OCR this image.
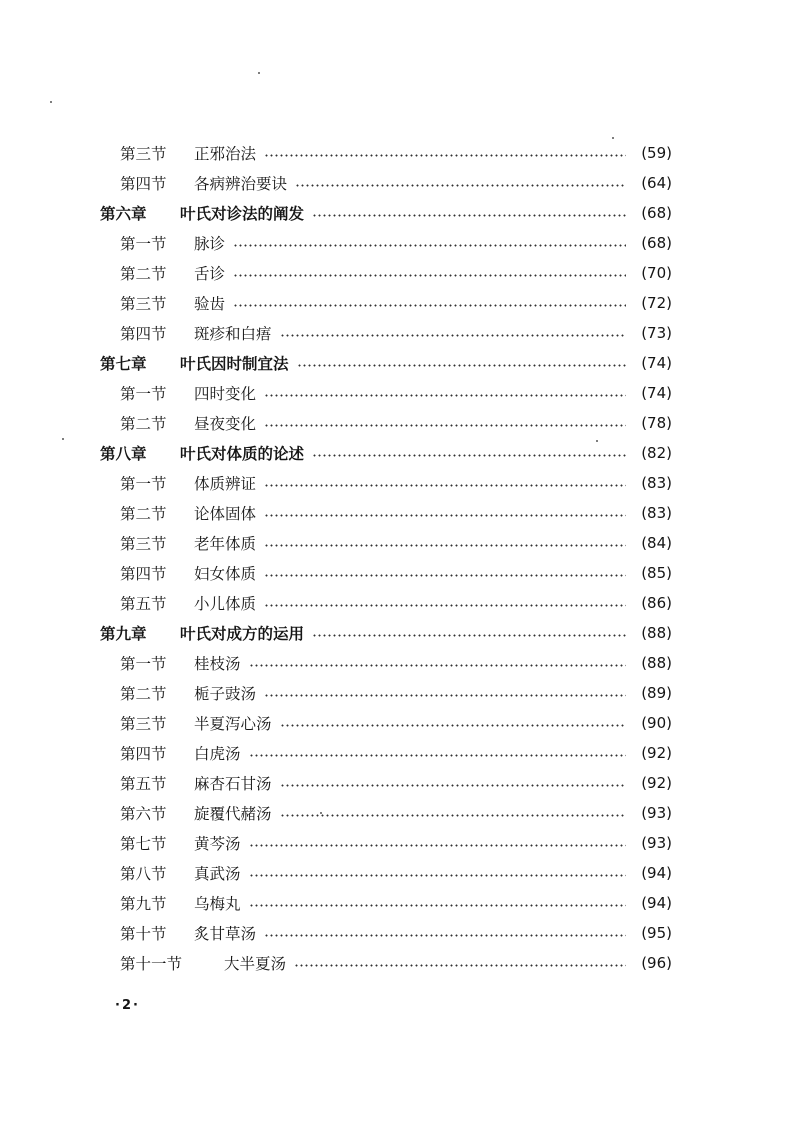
第三节	正邪治法	(59)
第四节	各病辨治要诀	(64)
第六章	叶氏对诊法的阐发	(68)
第一节	脉诊	(68)
第二节	舌诊	(70)
第三节	验齿	(72)
第四节	斑疹和白痦	(73)
第七章	叶氏因时制宜法	(74)
第一节	四时变化	(74)
第二节	昼夜变化	(78)
第八章	叶氏对体质的论述	(82)
第一节	体质辨证	(83)
第二节	论体固体	(83)
第三节	老年体质	(84)
第四节	妇女体质	(85)
第五节	小儿体质	(86)
第九章	叶氏对成方的运用	(88)
第一节	桂枝汤	(88)
第二节	栀子豉汤	(89)
第三节	半夏泻心汤	(90)
第四节	白虎汤	(92)
第五节	麻杏石甘汤	(92)
第六节	旋覆代赭汤	(93)
第七节	黄芩汤	(93)
第八节	真武汤	(94)
第九节	乌梅丸	(94)
第十节	炙甘草汤	(95)
第十一节	大半夏汤	(96)
·2·
